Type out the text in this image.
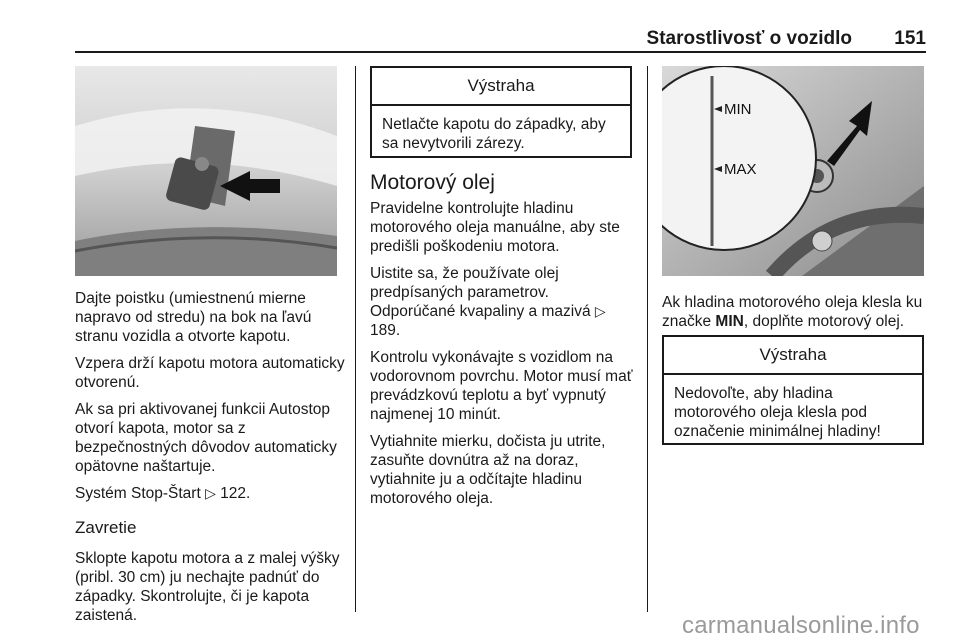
Starostlivosť o vozidlo 151

Dajte poistku (umiestnenú mierne napravo od stredu) na bok na ľavú stranu vozidla a otvorte kapotu.

Vzpera drží kapotu motora automaticky otvorenú.

Ak sa pri aktivovanej funkcii Autostop otvorí kapota, motor sa z bezpečnostných dôvodov automaticky opätovne naštartuje.

Systém Stop-Štart ▷ 122.

Zavretie

Sklopte kapotu motora a z malej výšky (pribl. 30 cm) ju nechajte padnúť do západky. Skontrolujte, či je kapota zaistená.

Výstraha
Netlačte kapotu do západky, aby sa nevytvorili zárezy.
Motorový olej

Pravidelne kontrolujte hladinu motorového oleja manuálne, aby ste predišli poškodeniu motora.

Uistite sa, že používate olej predpísaných parametrov. Odporúčané kvapaliny a mazivá ▷ 189.

Kontrolu vykonávajte s vozidlom na vodorovnom povrchu. Motor musí mať prevádzkovú teplotu a byť vypnutý najmenej 10 minút.

Vytiahnite mierku, dočista ju utrite, zasuňte dovnútra až na doraz, vytiahnite ju a odčítajte hladinu motorového oleja.

MIN
MAX

Ak hladina motorového oleja klesla ku značke MIN, doplňte motorový olej.

Výstraha
Nedovoľte, aby hladina motorového oleja klesla pod označenie minimálnej hladiny!
carmanualsonline.info
